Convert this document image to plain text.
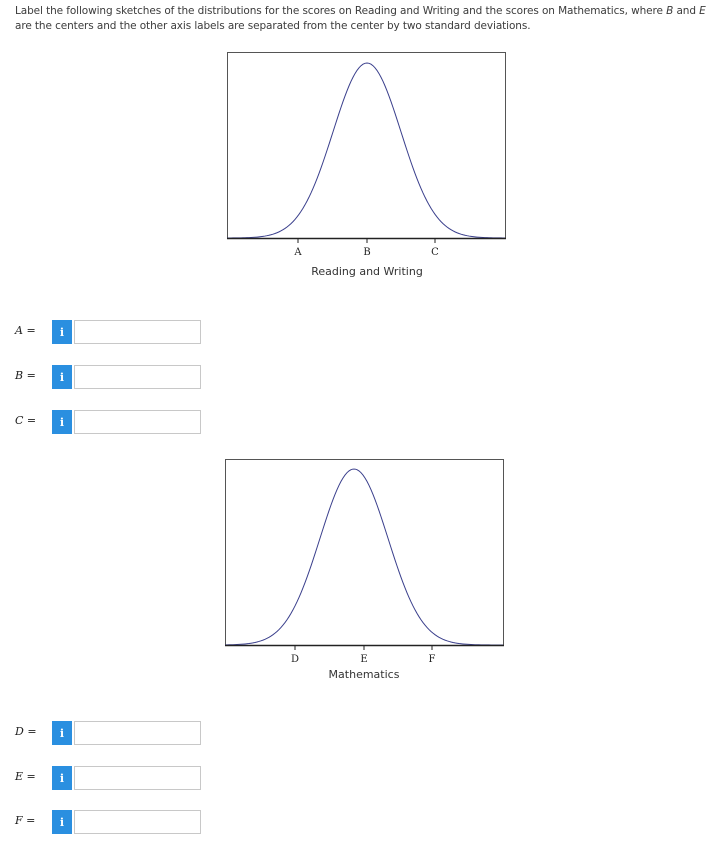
Label the following sketches of the distributions for the scores on Reading and Writing and the scores on Mathematics, where B and E are the centers and the other axis labels are separated from the center by two standard deviations.
A	B	C
Reading and Writing
A =	i
B =	i
C =	i
D	E	F
Mathematics
D =	i
E =	i
F =	i
